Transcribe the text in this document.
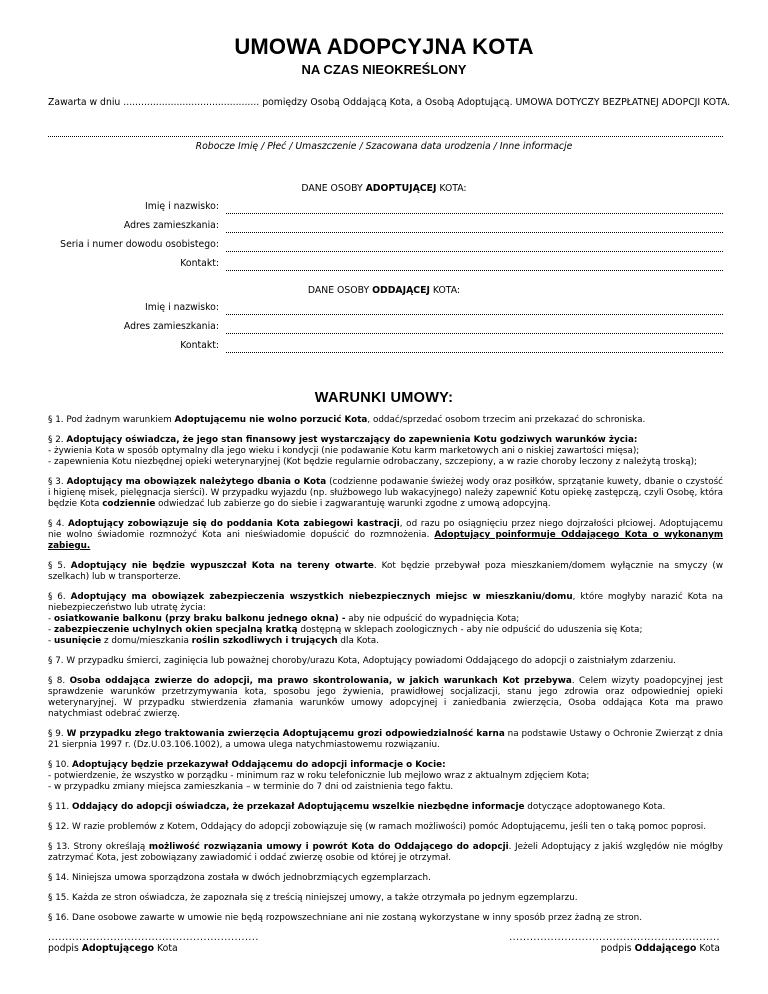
UMOWA ADOPCYJNA KOTA
NA CZAS NIEOKREŚLONY
Zawarta w dniu .............................................. pomiędzy Osobą Oddającą Kota, a Osobą Adoptującą. UMOWA DOTYCZY BEZPŁATNEJ ADOPCJI KOTA.
Robocze Imię / Płeć / Umaszczenie / Szacowana data urodzenia / Inne informacje
DANE OSOBY ADOPTUJĄCEJ KOTA:
Imię i nazwisko:
Adres zamieszkania:
Seria i numer dowodu osobistego:
Kontakt:
DANE OSOBY ODDAJĄCEJ KOTA:
Imię i nazwisko:
Adres zamieszkania:
Kontakt:
WARUNKI UMOWY:
§ 1. Pod żadnym warunkiem Adoptującemu nie wolno porzucić Kota, oddać/sprzedać osobom trzecim ani przekazać do schroniska.
§ 2. Adoptujący oświadcza, że jego stan finansowy jest wystarczający do zapewnienia Kotu godziwych warunków życia:
- żywienia Kota w sposób optymalny dla jego wieku i kondycji (nie podawanie Kotu karm marketowych ani o niskiej zawartości mięsa);
- zapewnienia Kotu niezbędnej opieki weterynaryjnej (Kot będzie regularnie odrobaczany, szczepiony, a w razie choroby leczony z należytą troską);
§ 3. Adoptujący ma obowiązek należytego dbania o Kota (codzienne podawanie świeżej wody oraz posiłków, sprzątanie kuwety, dbanie o czystość i higienę misek, pielęgnacja sierści). W przypadku wyjazdu (np. służbowego lub wakacyjnego) należy zapewnić Kotu opiekę zastępczą, czyli Osobę, która będzie Kota codziennie odwiedzać lub zabierze go do siebie i zagwarantuję warunki zgodne z umową adopcyjną.
§ 4. Adoptujący zobowiązuje się do poddania Kota zabiegowi kastracji, od razu po osiągnięciu przez niego dojrzałości płciowej. Adoptującemu nie wolno świadomie rozmnożyć Kota ani nieświadomie dopuścić do rozmnożenia. Adoptujący poinformuje Oddającego Kota o wykonanym zabiegu.
§ 5. Adoptujący nie będzie wypuszczał Kota na tereny otwarte. Kot będzie przebywał poza mieszkaniem/domem wyłącznie na smyczy (w szelkach) lub w transporterze.
§ 6. Adoptujący ma obowiązek zabezpieczenia wszystkich niebezpiecznych miejsc w mieszkaniu/domu, które mogłyby narazić Kota na niebezpieczeństwo lub utratę życia:
- osiatkowanie balkonu (przy braku balkonu jednego okna) - aby nie odpuścić do wypadnięcia Kota;
- zabezpieczenie uchylnych okien specjalną kratką dostępną w sklepach zoologicznych - aby nie odpuścić do uduszenia się Kota;
- usunięcie z domu/mieszkania roślin szkodliwych i trujących dla Kota.
§ 7. W przypadku śmierci, zaginięcia lub poważnej choroby/urazu Kota, Adoptujący powiadomi Oddającego do adopcji o zaistniałym zdarzeniu.
§ 8. Osoba oddająca zwierze do adopcji, ma prawo skontrolowania, w jakich warunkach Kot przebywa. Celem wizyty poadopcyjnej jest sprawdzenie warunków przetrzymywania kota, sposobu jego żywienia, prawidłowej socjalizacji, stanu jego zdrowia oraz odpowiedniej opieki weterynaryjnej. W przypadku stwierdzenia złamania warunków umowy adopcyjnej i zaniedbania zwierzęcia, Osoba oddająca Kota ma prawo natychmiast odebrać zwierzę.
§ 9. W przypadku złego traktowania zwierzęcia Adoptującemu grozi odpowiedzialność karna na podstawie Ustawy o Ochronie Zwierząt z dnia 21 sierpnia 1997 r. (Dz.U.03.106.1002), a umowa ulega natychmiastowemu rozwiązaniu.
§ 10. Adoptujący będzie przekazywał Oddającemu do adopcji informacje o Kocie:
- potwierdzenie, że wszystko w porządku - minimum raz w roku telefonicznie lub mejlowo wraz z aktualnym zdjęciem Kota;
- w przypadku zmiany miejsca zamieszkania – w terminie do 7 dni od zaistnienia tego faktu.
§ 11. Oddający do adopcji oświadcza, że przekazał Adoptującemu wszelkie niezbędne informacje dotyczące adoptowanego Kota.
§ 12. W razie problemów z Kotem, Oddający do adopcji zobowiązuje się (w ramach możliwości) pomóc Adoptującemu, jeśli ten o taką pomoc poprosi.
§ 13. Strony określają możliwość rozwiązania umowy i powrót Kota do Oddającego do adopcji. Jeżeli Adoptujący z jakiś względów nie mógłby zatrzymać Kota, jest zobowiązany zawiadomić i oddać zwierzę osobie od której je otrzymał.
§ 14. Niniejsza umowa sporządzona została w dwóch jednobrzmiących egzemplarzach.
§ 15. Każda ze stron oświadcza, że zapoznała się z treścią niniejszej umowy, a także otrzymała po jednym egzemplarzu.
§ 16. Dane osobowe zawarte w umowie nie będą rozpowszechniane ani nie zostaną wykorzystane w inny sposób przez żadną ze stron.
.............................................................
podpis Adoptującego Kota
.............................................................
podpis Oddającego Kota
